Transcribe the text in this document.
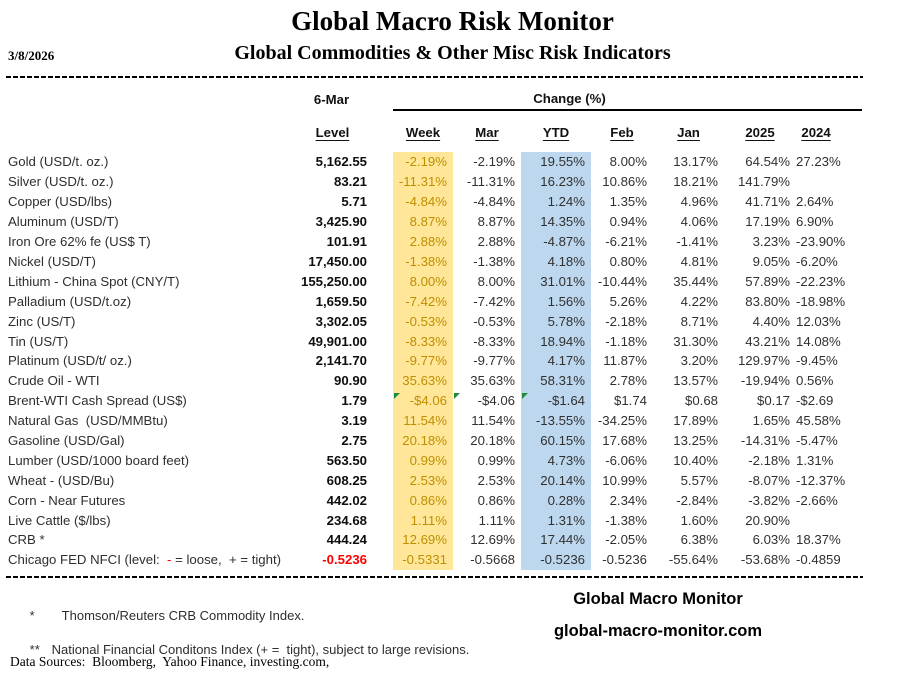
Global Macro Risk Monitor
Global Commodities & Other Misc Risk Indicators
3/8/2026
	6-Mar		Change (%)						
	Level		Week	Mar	YTD	Feb	Jan	2025	2024

Gold (USD/t. oz.)	5,162.55		-2.19%	-2.19%	19.55%	8.00%	13.17%	64.54%	27.23%
Silver (USD/t. oz.)	83.21		-11.31%	-11.31%	16.23%	10.86%	18.21%	141.79%	
Copper (USD/lbs)	5.71		-4.84%	-4.84%	1.24%	1.35%	4.96%	41.71%	2.64%
Aluminum (USD/T)	3,425.90		8.87%	8.87%	14.35%	0.94%	4.06%	17.19%	6.90%
Iron Ore 62% fe (US$ T)	101.91		2.88%	2.88%	-4.87%	-6.21%	-1.41%	3.23%	-23.90%
Nickel (USD/T)	17,450.00		-1.38%	-1.38%	4.18%	0.80%	4.81%	9.05%	-6.20%
Lithium - China Spot (CNY/T)	155,250.00		8.00%	8.00%	31.01%	-10.44%	35.44%	57.89%	-22.23%
Palladium (USD/t.oz)	1,659.50		-7.42%	-7.42%	1.56%	5.26%	4.22%	83.80%	-18.98%
Zinc (US/T)	3,302.05		-0.53%	-0.53%	5.78%	-2.18%	8.71%	4.40%	12.03%
Tin (US/T)	49,901.00		-8.33%	-8.33%	18.94%	-1.18%	31.30%	43.21%	14.08%
Platinum (USD/t/ oz.)	2,141.70		-9.77%	-9.77%	4.17%	11.87%	3.20%	129.97%	-9.45%
Crude Oil - WTI	90.90		35.63%	35.63%	58.31%	2.78%	13.57%	-19.94%	0.56%
Brent-WTI Cash Spread (US$)	1.79		-$4.06	-$4.06	-$1.64	$1.74	$0.68	$0.17	-$2.69
Natural Gas  (USD/MMBtu)	3.19		11.54%	11.54%	-13.55%	-34.25%	17.89%	1.65%	45.58%
Gasoline (USD/Gal)	2.75		20.18%	20.18%	60.15%	17.68%	13.25%	-14.31%	-5.47%
Lumber (USD/1000 board feet)	563.50		0.99%	0.99%	4.73%	-6.06%	10.40%	-2.18%	1.31%
Wheat - (USD/Bu)	608.25		2.53%	2.53%	20.14%	10.99%	5.57%	-8.07%	-12.37%
Corn - Near Futures	442.02		0.86%	0.86%	0.28%	2.34%	-2.84%	-3.82%	-2.66%
Live Cattle ($/lbs)	234.68		1.11%	1.11%	1.31%	-1.38%	1.60%	20.90%	
CRB *	444.24		12.69%	12.69%	17.44%	-2.05%	6.38%	6.03%	18.37%
Chicago FED NFCI (level:  - = loose,  + = tight)	-0.5236		-0.5331	-0.5668	-0.5236	-0.5236	-55.64%	-53.68%	-0.4859

* Thomson/Reuters CRB Commodity Index.

** National Financial Conditons Index (+ =  tight), subject to large revisions.

Data Sources:  Bloomberg,  Yahoo Finance, investing.com,
Global Macro Monitor
global-macro-monitor.com
